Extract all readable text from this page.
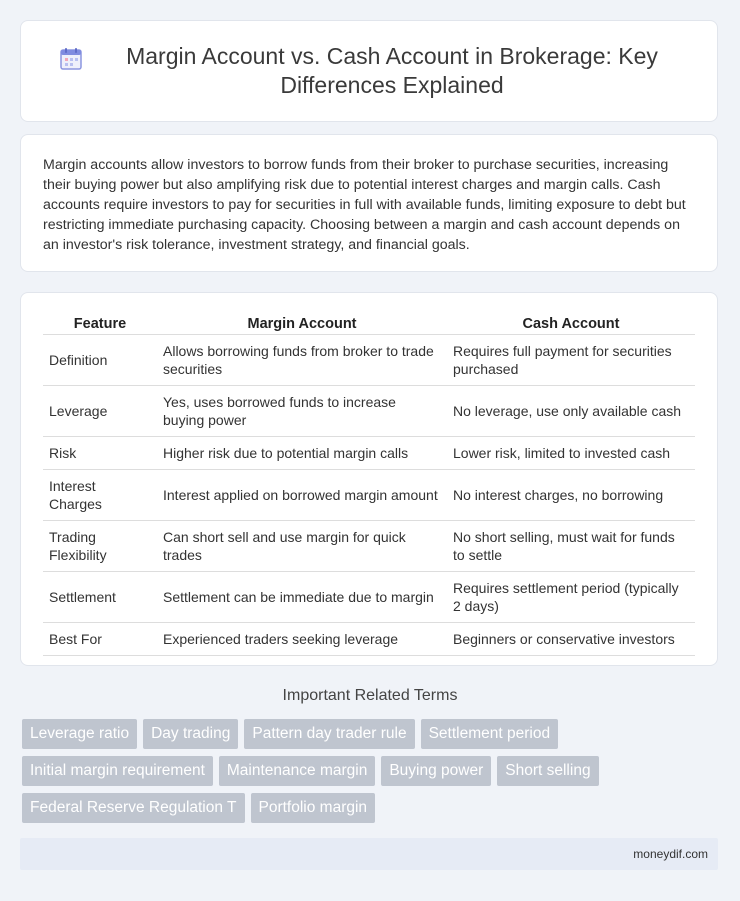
Margin Account vs. Cash Account in Brokerage: Key Differences Explained

Margin accounts allow investors to borrow funds from their broker to purchase securities, increasing their buying power but also amplifying risk due to potential interest charges and margin calls. Cash accounts require investors to pay for securities in full with available funds, limiting exposure to debt but restricting immediate purchasing capacity. Choosing between a margin and cash account depends on an investor's risk tolerance, investment strategy, and financial goals.

Feature	Margin Account	Cash Account
Definition	Allows borrowing funds from broker to trade securities	Requires full payment for securities purchased
Leverage	Yes, uses borrowed funds to increase buying power	No leverage, use only available cash
Risk	Higher risk due to potential margin calls	Lower risk, limited to invested cash
Interest Charges	Interest applied on borrowed margin amount	No interest charges, no borrowing
Trading Flexibility	Can short sell and use margin for quick trades	No short selling, must wait for funds to settle
Settlement	Settlement can be immediate due to margin	Requires settlement period (typically 2 days)
Best For	Experienced traders seeking leverage	Beginners or conservative investors
Important Related Terms
Leverage ratio	Day trading	Pattern day trader rule	Settlement period
Initial margin requirement	Maintenance margin	Buying power	Short selling
Federal Reserve Regulation T	Portfolio margin
moneydif.com
